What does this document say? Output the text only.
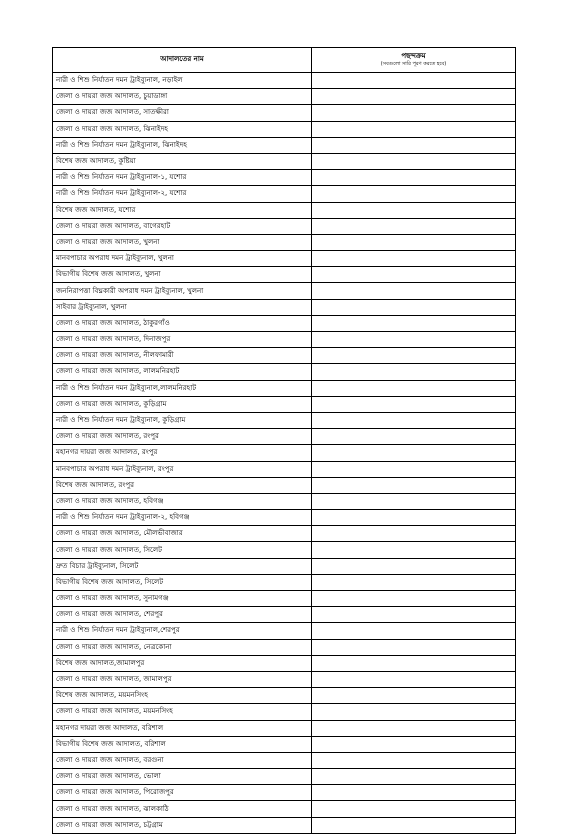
আদালতের নাম	পছন্দক্রম
(সবগুলো সারি পূরণ করতে হবে)

নারী ও শিশু নির্যাতন দমন ট্রাইব্যুনাল, নড়াইল	
জেলা ও দায়রা জজ আদালত, চুয়াডাঙ্গা	
জেলা ও দায়রা জজ আদালত, সাতক্ষীরা	
জেলা ও দায়রা জজ আদালত, ঝিনাইদহ	
নারী ও শিশু নির্যাতন দমন ট্রাইব্যুনাল, ঝিনাইদহ	
বিশেষ জজ আদালত, কুষ্টিয়া	
নারী ও শিশু নির্যাতন দমন ট্রাইব্যুনাল-১, যশোর	
নারী ও শিশু নির্যাতন দমন ট্রাইব্যুনাল-২, যশোর	
বিশেষ জজ আদালত, যশোর	
জেলা ও দায়রা জজ আদালত, বাগেরহাট	
জেলা ও দায়রা জজ আদালত, খুলনা	
মানবপাচার অপরাধ দমন ট্রাইব্যুনাল, খুলনা	
বিভাগীয় বিশেষ জজ আদালত, খুলনা	
জননিরাপত্তা বিঘ্নকারী অপরাধ দমন ট্রাইব্যুনাল, খুলনা	
সাইবার ট্রাইব্যুনাল, খুলনা	
জেলা ও দায়রা জজ আদালত, ঠাকুরগাঁও	
জেলা ও দায়রা জজ আদালত, দিনাজপুর	
জেলা ও দায়রা জজ আদালত, নীলফামারী	
জেলা ও দায়রা জজ আদালত, লালমনিরহাট	
নারী ও শিশু নির্যাতন দমন ট্রাইব্যুনাল,লালমনিরহাট	
জেলা ও দায়রা জজ আদালত, কুড়িগ্রাম	
নারী ও শিশু নির্যাতন দমন ট্রাইব্যুনাল, কুড়িগ্রাম	
জেলা ও দায়রা জজ আদালত, রংপুর	
মহানগর দায়রা জজ আদালত, রংপুর	
মানবপাচার অপরাধ দমন ট্রাইব্যুনাল, রংপুর	
বিশেষ জজ আদালত, রংপুর	
জেলা ও দায়রা জজ আদালত, হবিগঞ্জ	
নারী ও শিশু নির্যাতন দমন ট্রাইব্যুনাল-২, হবিগঞ্জ	
জেলা ও দায়রা জজ আদালত, মৌলভীবাজার	
জেলা ও দায়রা জজ আদালত, সিলেট	
দ্রুত বিচার ট্রাইব্যুনাল, সিলেট	
বিভাগীয় বিশেষ জজ আদালত, সিলেট	
জেলা ও দায়রা জজ আদালত, সুনামগঞ্জ	
জেলা ও দায়রা জজ আদালত, শেরপুর	
নারী ও শিশু নির্যাতন দমন ট্রাইব্যুনাল,শেরপুর	
জেলা ও দায়রা জজ আদালত, নেত্রকোনা	
বিশেষ জজ আদালত,জামালপুর	
জেলা ও দায়রা জজ আদালত, জামালপুর	
বিশেষ জজ আদালত, ময়মনসিংহ	
জেলা ও দায়রা জজ আদালত, ময়মনসিংহ	
মহানগর দায়রা জজ আদালত, বরিশাল	
বিভাগীয় বিশেষ জজ আদালত, বরিশাল	
জেলা ও দায়রা জজ আদালত, বরগুনা	
জেলা ও দায়রা জজ আদালত, ভোলা	
জেলা ও দায়রা জজ আদালত, পিরোজপুর	
জেলা ও দায়রা জজ আদালত, ঝালকাঠি	
জেলা ও দায়রা জজ আদালত, চট্টগ্রাম	
